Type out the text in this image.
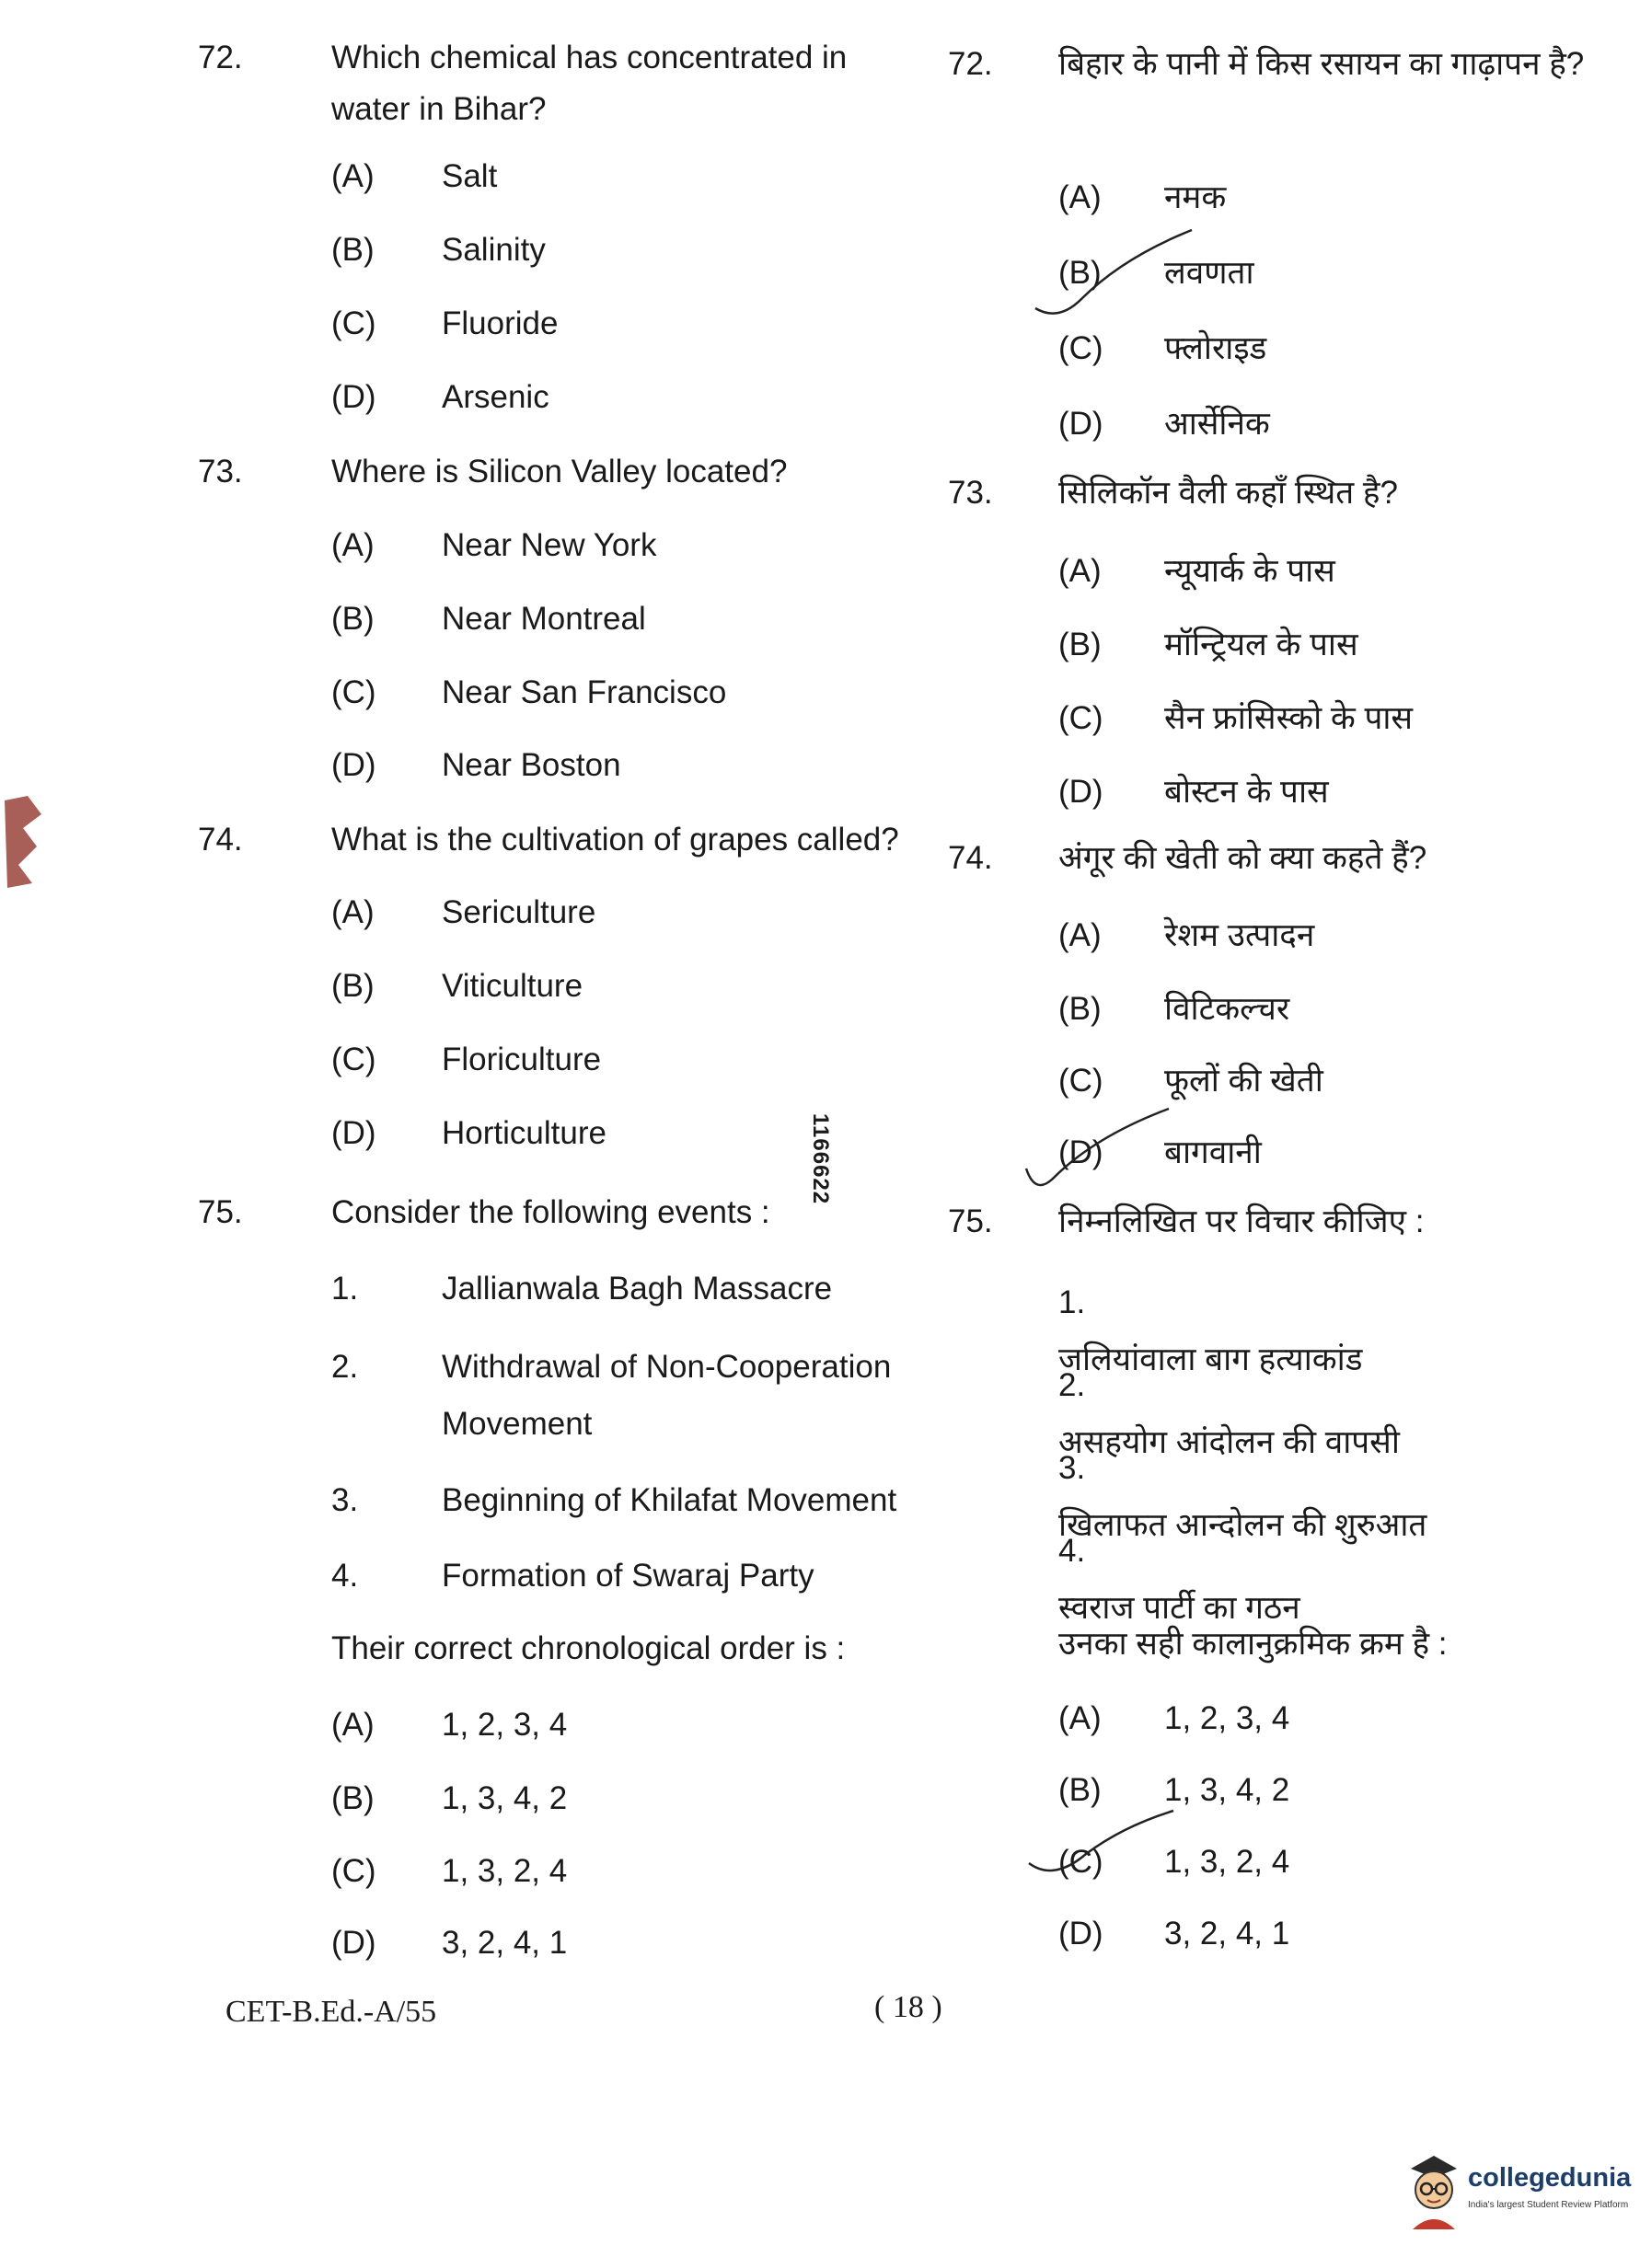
72.	Which chemical has concentrated in water in Bihar?
(A) Salt
(B) Salinity
(C) Fluoride
(D) Arsenic
73.	Where is Silicon Valley located?
(A) Near New York
(B) Near Montreal
(C) Near San Francisco
(D) Near Boston
74.	What is the cultivation of grapes called?
(A) Sericulture
(B) Viticulture
(C) Floriculture
(D) Horticulture
75.	Consider the following events :
1.	Jallianwala Bagh Massacre
2.	Withdrawal of Non-Cooperation Movement
3.	Beginning of Khilafat Movement
4.	Formation of Swaraj Party
Their correct chronological order is :
(A) 1, 2, 3, 4
(B) 1, 3, 4, 2
(C) 1, 3, 2, 4
(D) 3, 2, 4, 1
1166622
72. बिहार के पानी में किस रसायन का गाढ़ापन है?
(A) नमक
(B) लवणता
(C) फ्लोराइड
(D) आर्सेनिक
73. सिलिकॉन वैली कहाँ स्थित है?
(A) न्यूयार्क के पास
(B) मॉन्ट्रियल के पास
(C) सैन फ्रांसिस्को के पास
(D) बोस्टन के पास
74. अंगूर की खेती को क्या कहते हैं?
(A) रेशम उत्पादन
(B) विटिकल्चर
(C) फूलों की खेती
(D) बागवानी
75. निम्नलिखित पर विचार कीजिए :
1.जलियांवाला बाग हत्याकांड
2.असहयोग आंदोलन की वापसी
3.खिलाफत आन्दोलन की शुरुआत
4.स्वराज पार्टी का गठन
उनका सही कालानुक्रमिक क्रम है :
(A) 1, 2, 3, 4
(B) 1, 3, 4, 2
(C) 1, 3, 2, 4
(D) 3, 2, 4, 1
CET-B.Ed.-A/55	( 18 )
collegedunia
India's largest Student Review Platform
